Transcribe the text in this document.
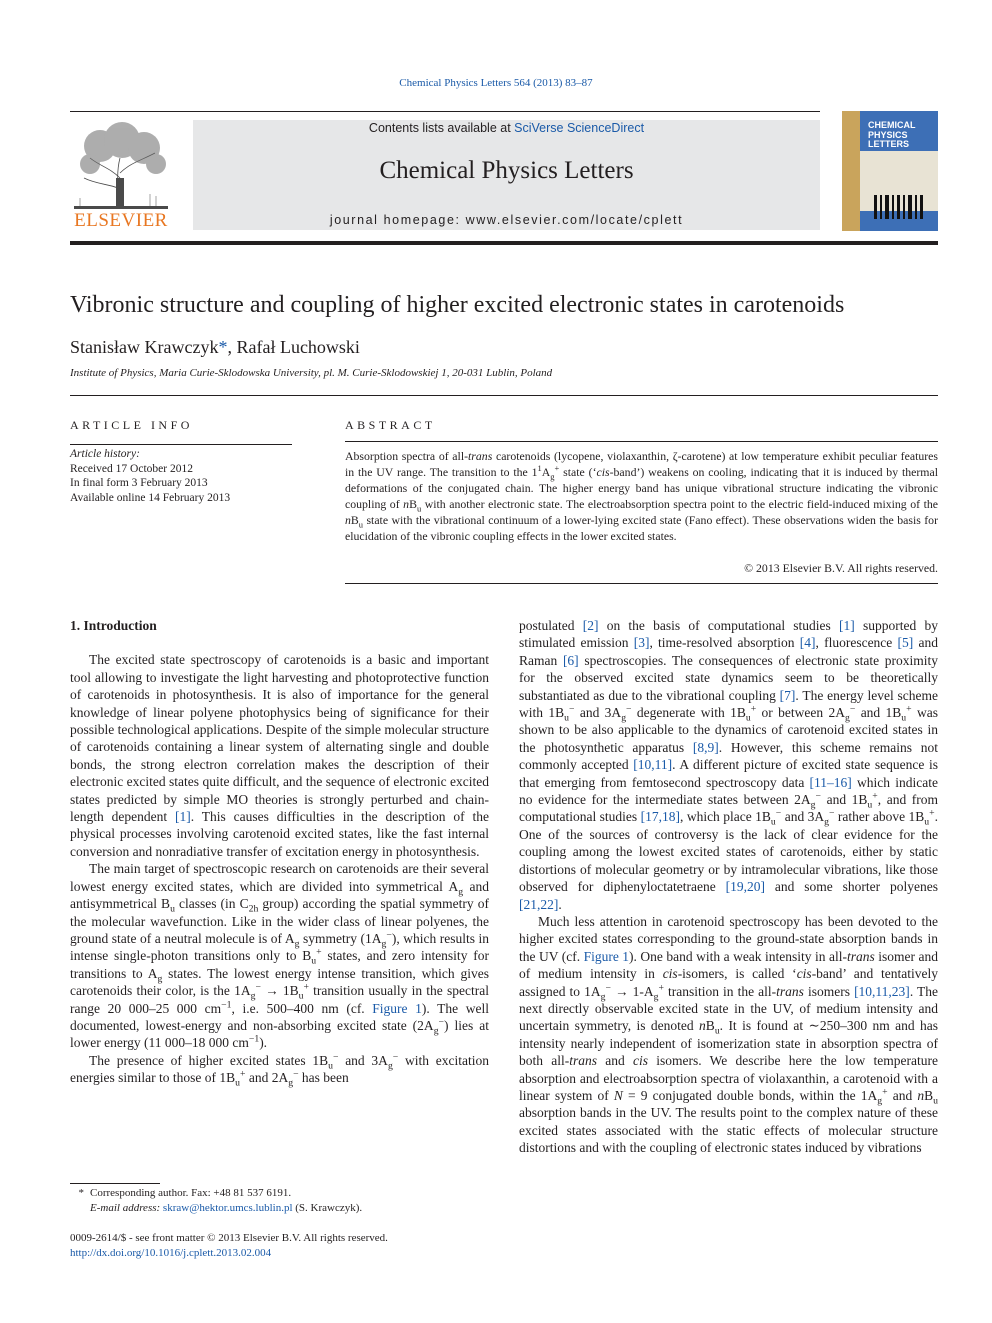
Chemical Physics Letters 564 (2013) 83–87
ELSEVIER
Contents lists available at SciVerse ScienceDirect
Chemical Physics Letters
journal homepage: www.elsevier.com/locate/cplett
CHEMICAL
PHYSICS
LETTERS
Vibronic structure and coupling of higher excited electronic states in carotenoids
Stanisław Krawczyk*, Rafał Luchowski
Institute of Physics, Maria Curie-Sklodowska University, pl. M. Curie-Sklodowskiej 1, 20-031 Lublin, Poland
ARTICLE INFO	ABSTRACT
Article history:
Received 17 October 2012
In final form 3 February 2013
Available online 14 February 2013
Absorption spectra of all-trans carotenoids (lycopene, violaxanthin, ζ-carotene) at low temperature exhibit peculiar features in the UV range. The transition to the $1^1A_g^+$ state (‘cis-band’) weakens on cooling, indicating that it is induced by thermal deformations of the conjugated chain. The higher energy band has unique vibrational structure indicating the vibronic coupling of $nB_u$ with another electronic state. The electroabsorption spectra point to the electric field-induced mixing of the $nB_u$ state with the vibrational continuum of a lower-lying excited state (Fano effect). These observations widen the basis for elucidation of the vibronic coupling effects in the lower excited states.
© 2013 Elsevier B.V. All rights reserved.
1. Introduction

The excited state spectroscopy of carotenoids is a basic and important tool allowing to investigate the light harvesting and photoprotective function of carotenoids in photosynthesis. It is also of importance for the general knowledge of linear polyene photophysics being of significance for their possible technological applications. Despite of the simple molecular structure of carotenoids containing a linear system of alternating single and double bonds, the strong electron correlation makes the description of their electronic excited states quite difficult, and the sequence of electronic excited states predicted by simple MO theories is strongly perturbed and chain-length dependent [1]. This causes difficulties in the description of the physical processes involving carotenoid excited states, like the fast internal conversion and nonradiative transfer of excitation energy in photosynthesis.

The main target of spectroscopic research on carotenoids are their several lowest energy excited states, which are divided into symmetrical $A_g$ and antisymmetrical $B_u$ classes (in $C_{2h}$ group) according the spatial symmetry of the molecular wavefunction. Like in the wider class of linear polyenes, the ground state of a neutral molecule is of $A_g$ symmetry $(1A_g^-)$, which results in intense single-photon transitions only to $B_u^+$ states, and zero intensity for transitions to $A_g$ states. The lowest energy intense transition, which gives carotenoids their color, is the $1A_g^- \to 1B_u^+$ transition usually in the spectral range 20 000–25 000 $cm^{-1}$, i.e. 500–400 nm (cf. Figure 1). The well documented, lowest-energy and non-absorbing excited state $(2A_g^-)$ lies at lower energy (11 000–18 000 $cm^{-1}$).

The presence of higher excited states $1B_u^-$ and $3A_g^-$ with excitation energies similar to those of $1B_u^+$ and $2A_g^-$ has been

postulated [2] on the basis of computational studies [1] supported by stimulated emission [3], time-resolved absorption [4], fluorescence [5] and Raman [6] spectroscopies. The consequences of electronic state proximity for the observed excited state dynamics seem to be theoretically substantiated as due to the vibrational coupling [7]. The energy level scheme with $1B_u^-$ and $3A_g^-$ degenerate with $1B_u^+$ or between $2A_g^-$ and $1B_u^+$ was shown to be also applicable to the dynamics of carotenoid excited states in the photosynthetic apparatus [8,9]. However, this scheme remains not commonly accepted [10,11]. A different picture of excited state sequence is that emerging from femtosecond spectroscopy data [11–16] which indicate no evidence for the intermediate states between $2A_g^-$ and $1B_u^+$, and from computational studies [17,18], which place $1B_u^-$ and $3A_g^-$ rather above $1B_u^+$. One of the sources of controversy is the lack of clear evidence for the coupling among the lowest excited states of carotenoids, either by static distortions of molecular geometry or by intramolecular vibrations, like those observed for diphenyloctatetraene [19,20] and some shorter polyenes [21,22].

Much less attention in carotenoid spectroscopy has been devoted to the higher excited states corresponding to the ground-state absorption bands in the UV (cf. Figure 1). One band with a weak intensity in all-trans isomer and of medium intensity in cis-isomers, is called ‘cis-band’ and tentatively assigned to $1A_g^- \to 1-A_g^+$ transition in the all-trans isomers [10,11,23]. The next directly observable excited state in the UV, of medium intensity and uncertain symmetry, is denoted $nB_u$. It is found at ∼250–300 nm and has intensity nearly independent of isomerization state in absorption spectra of both all-trans and cis isomers. We describe here the low temperature absorption and electroabsorption spectra of violaxanthin, a carotenoid with a linear system of N = 9 conjugated double bonds, within the $1A_g^+$ and $nB_u$ absorption bands in the UV. The results point to the complex nature of these excited states associated with the static effects of molecular structure distortions and with the coupling of electronic states induced by vibrations

* Corresponding author. Fax: +48 81 537 6191.
E-mail address: skraw@hektor.umcs.lublin.pl (S. Krawczyk).
0009-2614/$ - see front matter © 2013 Elsevier B.V. All rights reserved.
http://dx.doi.org/10.1016/j.cplett.2013.02.004
